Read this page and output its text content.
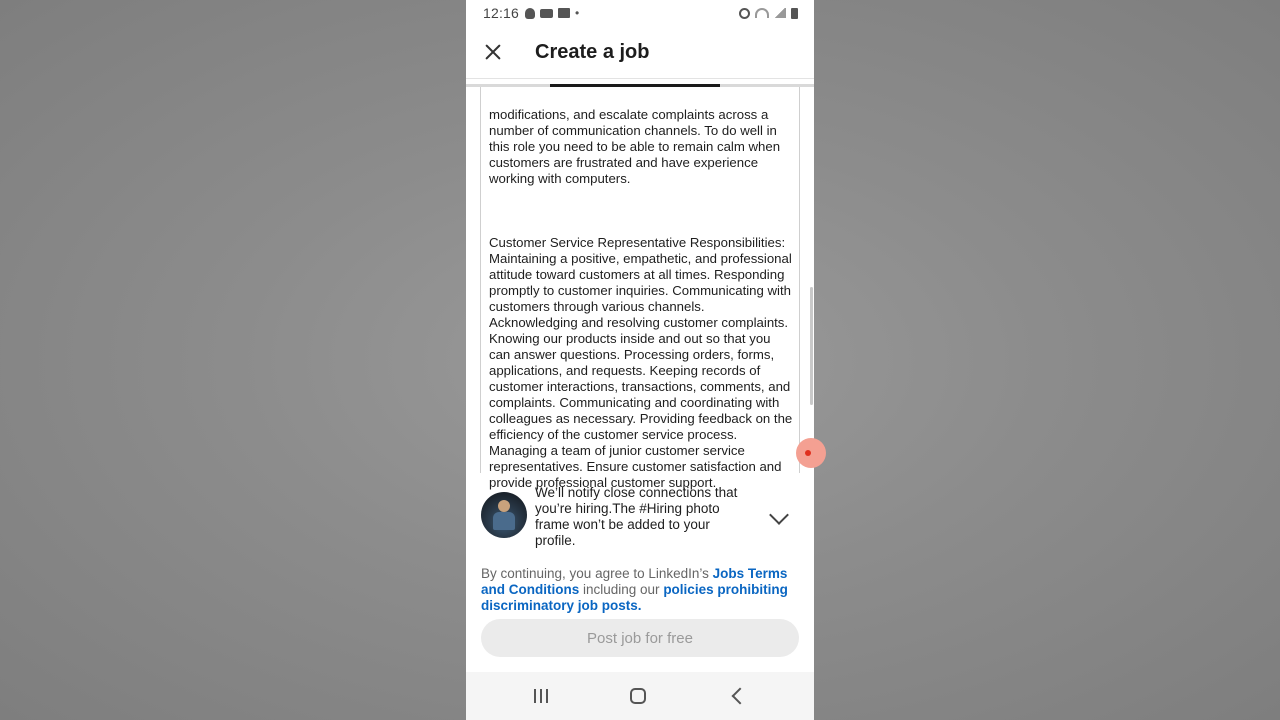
12:16	•
Create a job

modifications, and escalate complaints across a number of communication channels. To do well in this role you need to be able to remain calm when customers are frustrated and have experience working with computers.

Customer Service Representative Responsibilities: Maintaining a positive, empathetic, and professional attitude toward customers at all times. Responding promptly to customer inquiries. Communicating with customers through various channels. Acknowledging and resolving customer complaints. Knowing our products inside and out so that you can answer questions. Processing orders, forms, applications, and requests. Keeping records of customer interactions, transactions, comments, and complaints. Communicating and coordinating with colleagues as necessary. Providing feedback on the efficiency of the customer service process. Managing a team of junior customer service representatives. Ensure customer satisfaction and provide professional customer support.

We’ll notify close connections that you’re hiring.The #Hiring photo frame won’t be added to your profile.
By continuing, you agree to LinkedIn’s Jobs Terms and Conditions including our policies prohibiting discriminatory job posts.
Post job for free
